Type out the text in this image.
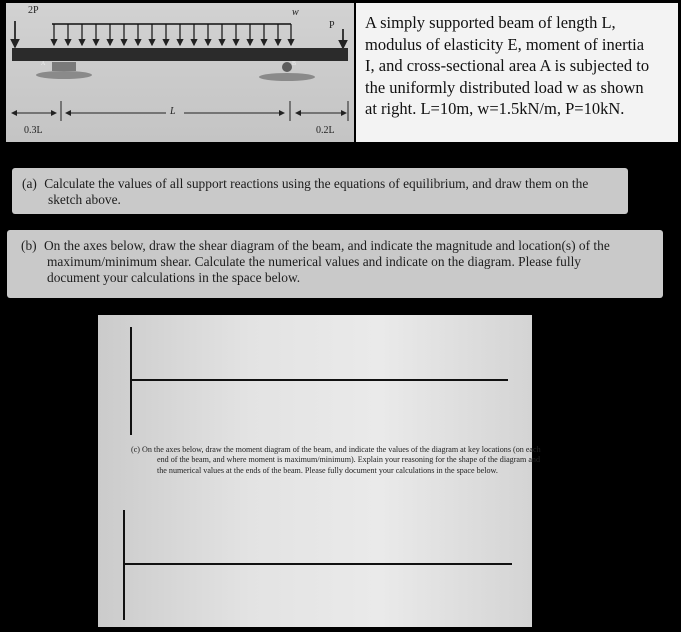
2P	w
P
L
0.3L	0.2L
A	B
A simply supported beam of length L,
modulus of elasticity E, moment of inertia
I, and cross-sectional area A is subjected to
the uniformly distributed load w as shown
at right. L=10m, w=1.5kN/m, P=10kN.
(a) Calculate the values of all support reactions using the equations of equilibrium, and draw them on the sketch above.
(b) On the axes below, draw the shear diagram of the beam, and indicate the magnitude and location(s) of the maximum/minimum shear. Calculate the numerical values and indicate on the diagram. Please fully document your calculations in the space below.
(c) On the axes below, draw the moment diagram of the beam, and indicate the values of the diagram at key locations (on each end of the beam, and where moment is maximum/minimum). Explain your reasoning for the shape of the diagram and the numerical values at the ends of the beam. Please fully document your calculations in the space below.
